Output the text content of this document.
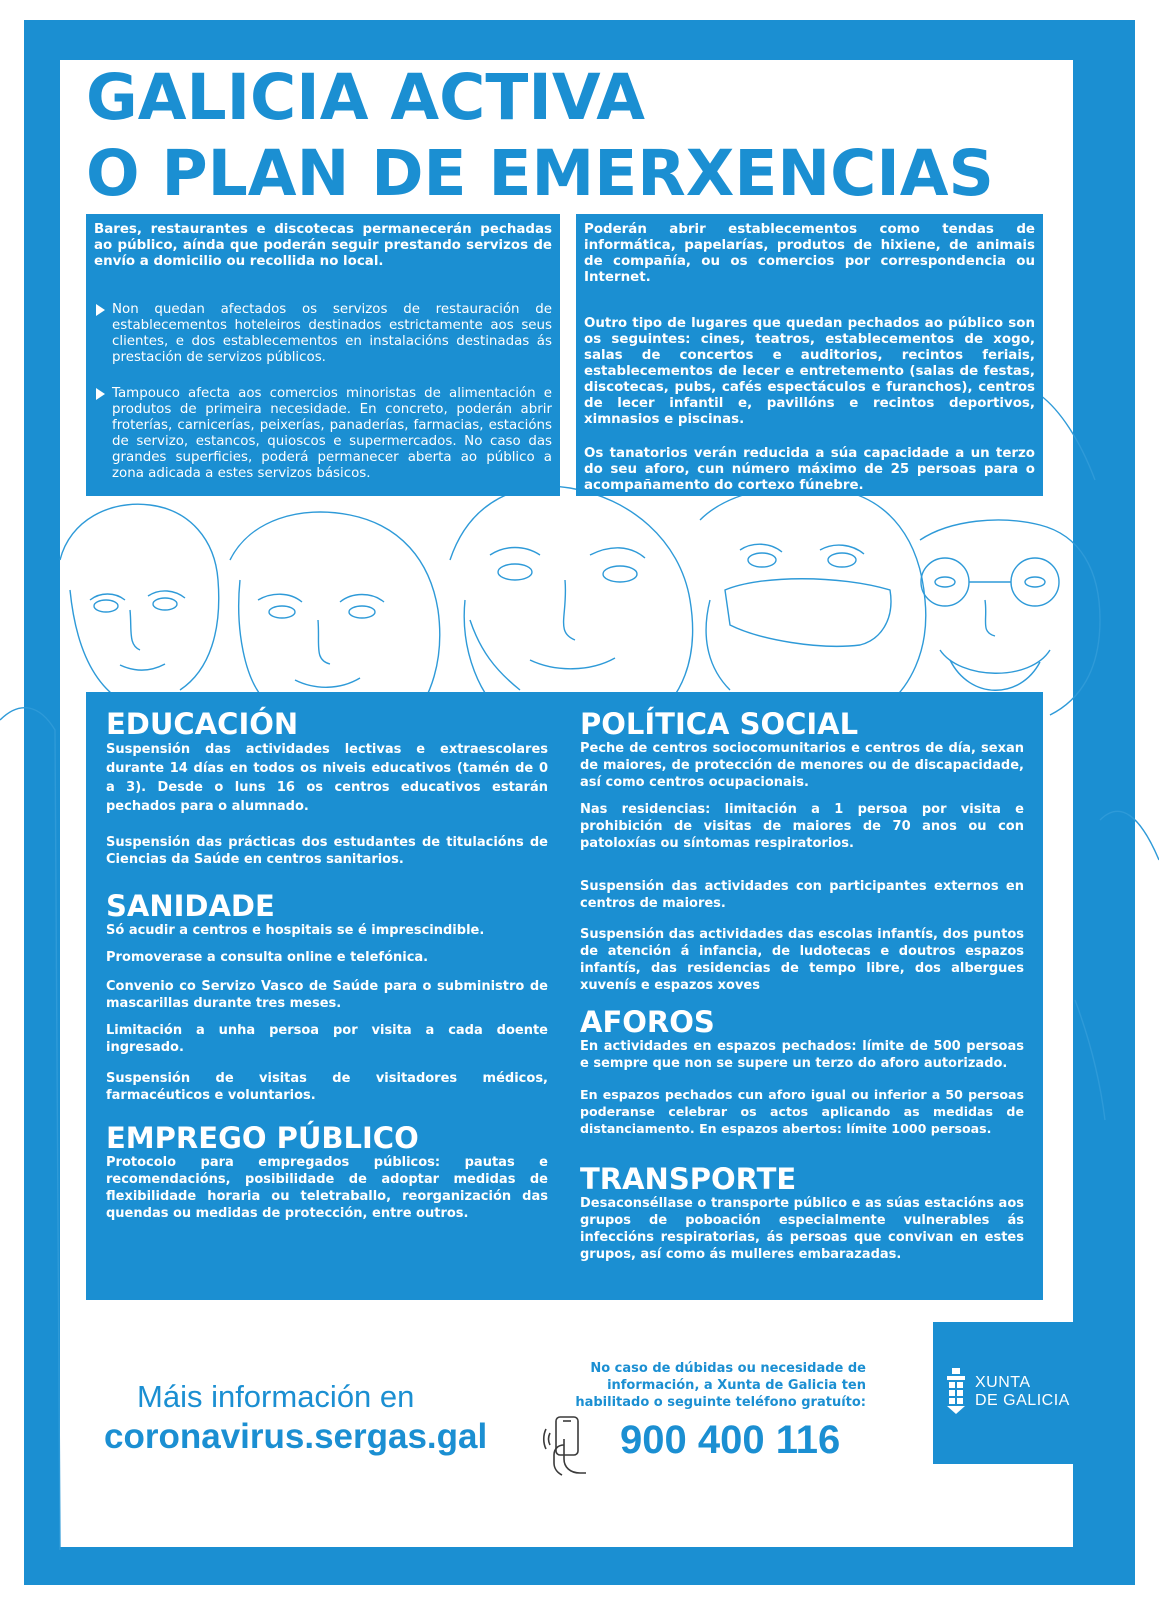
GALICIA ACTIVA
O PLAN DE EMERXENCIAS

Bares, restaurantes e discotecas permanecerán pechadas ao público, aínda que poderán seguir prestando servizos de envío a domicilio ou recollida no local.

Non quedan afectados os servizos de restauración de establecementos hoteleiros destinados estrictamente aos seus clientes, e dos establecementos en instalacións destinadas ás prestación de servizos públicos.

Tampouco afecta aos comercios minoristas de alimentación e produtos de primeira necesidade. En concreto, poderán abrir froterías, carnicerías, peixerías, panaderías, farmacias, estacións de servizo, estancos, quioscos e supermercados. No caso das grandes superficies, poderá permanecer aberta ao público a zona adicada a estes servizos básicos.

Poderán abrir establecementos como tendas de informática, papelarías, produtos de hixiene, de animais de compañía, ou os comercios por correspondencia ou Internet.

Outro tipo de lugares que quedan pechados ao público son os seguintes: cines, teatros, establecementos de xogo, salas de concertos e auditorios, recintos feriais, establecementos de lecer e entretemento (salas de festas, discotecas, pubs, cafés espectáculos e furanchos), centros de lecer infantil e, pavillóns e recintos deportivos, ximnasios e piscinas.

Os tanatorios verán reducida a súa capacidade a un terzo do seu aforo, cun número máximo de 25 persoas para o acompañamento do cortexo fúnebre.

EDUCACIÓN

Suspensión das actividades lectivas e extraescolares durante 14 días en todos os niveis educativos (tamén de 0 a 3). Desde o luns 16 os centros educativos estarán pechados para o alumnado.

Suspensión das prácticas dos estudantes de titulacións de Ciencias da Saúde en centros sanitarios.

SANIDADE

Só acudir a centros e hospitais se é imprescindible.

Promoverase a consulta online e telefónica.

Convenio co Servizo Vasco de Saúde para o subministro de mascarillas durante tres meses.

Limitación a unha persoa por visita a cada doente ingresado.

Suspensión de visitas de visitadores médicos, farmacéuticos e voluntarios.

EMPREGO PÚBLICO

Protocolo para empregados públicos: pautas e recomendacións, posibilidade de adoptar medidas de flexibilidade horaria ou teletraballo, reorganización das quendas ou medidas de protección, entre outros.

POLÍTICA SOCIAL

Peche de centros sociocomunitarios e centros de día, sexan de maiores, de protección de menores ou de discapacidade, así como centros ocupacionais.

Nas residencias: limitación a 1 persoa por visita e prohibición de visitas de maiores de 70 anos ou con patoloxías ou síntomas respiratorios.

Suspensión das actividades con participantes externos en centros de maiores.

Suspensión das actividades das escolas infantís, dos puntos de atención á infancia, de ludotecas e doutros espazos infantís, das residencias de tempo libre, dos albergues xuvenís e espazos xoves

AFOROS

En actividades en espazos pechados: límite de 500 persoas e sempre que non se supere un terzo do aforo autorizado.

En espazos pechados cun aforo igual ou inferior a 50 persoas poderanse celebrar os actos aplicando as medidas de distanciamento. En espazos abertos: límite 1000 persoas.

TRANSPORTE

Desaconséllase o transporte público e as súas estacións aos grupos de poboación especialmente vulnerables ás infeccións respiratorias, ás persoas que convivan en estes grupos, así como ás mulleres embarazadas.

Máis información en
coronavirus.sergas.gal
No caso de dúbidas ou necesidade de información, a Xunta de Galicia ten habilitado o seguinte teléfono gratuíto:
900 400 116
XUNTA
DE GALICIA
